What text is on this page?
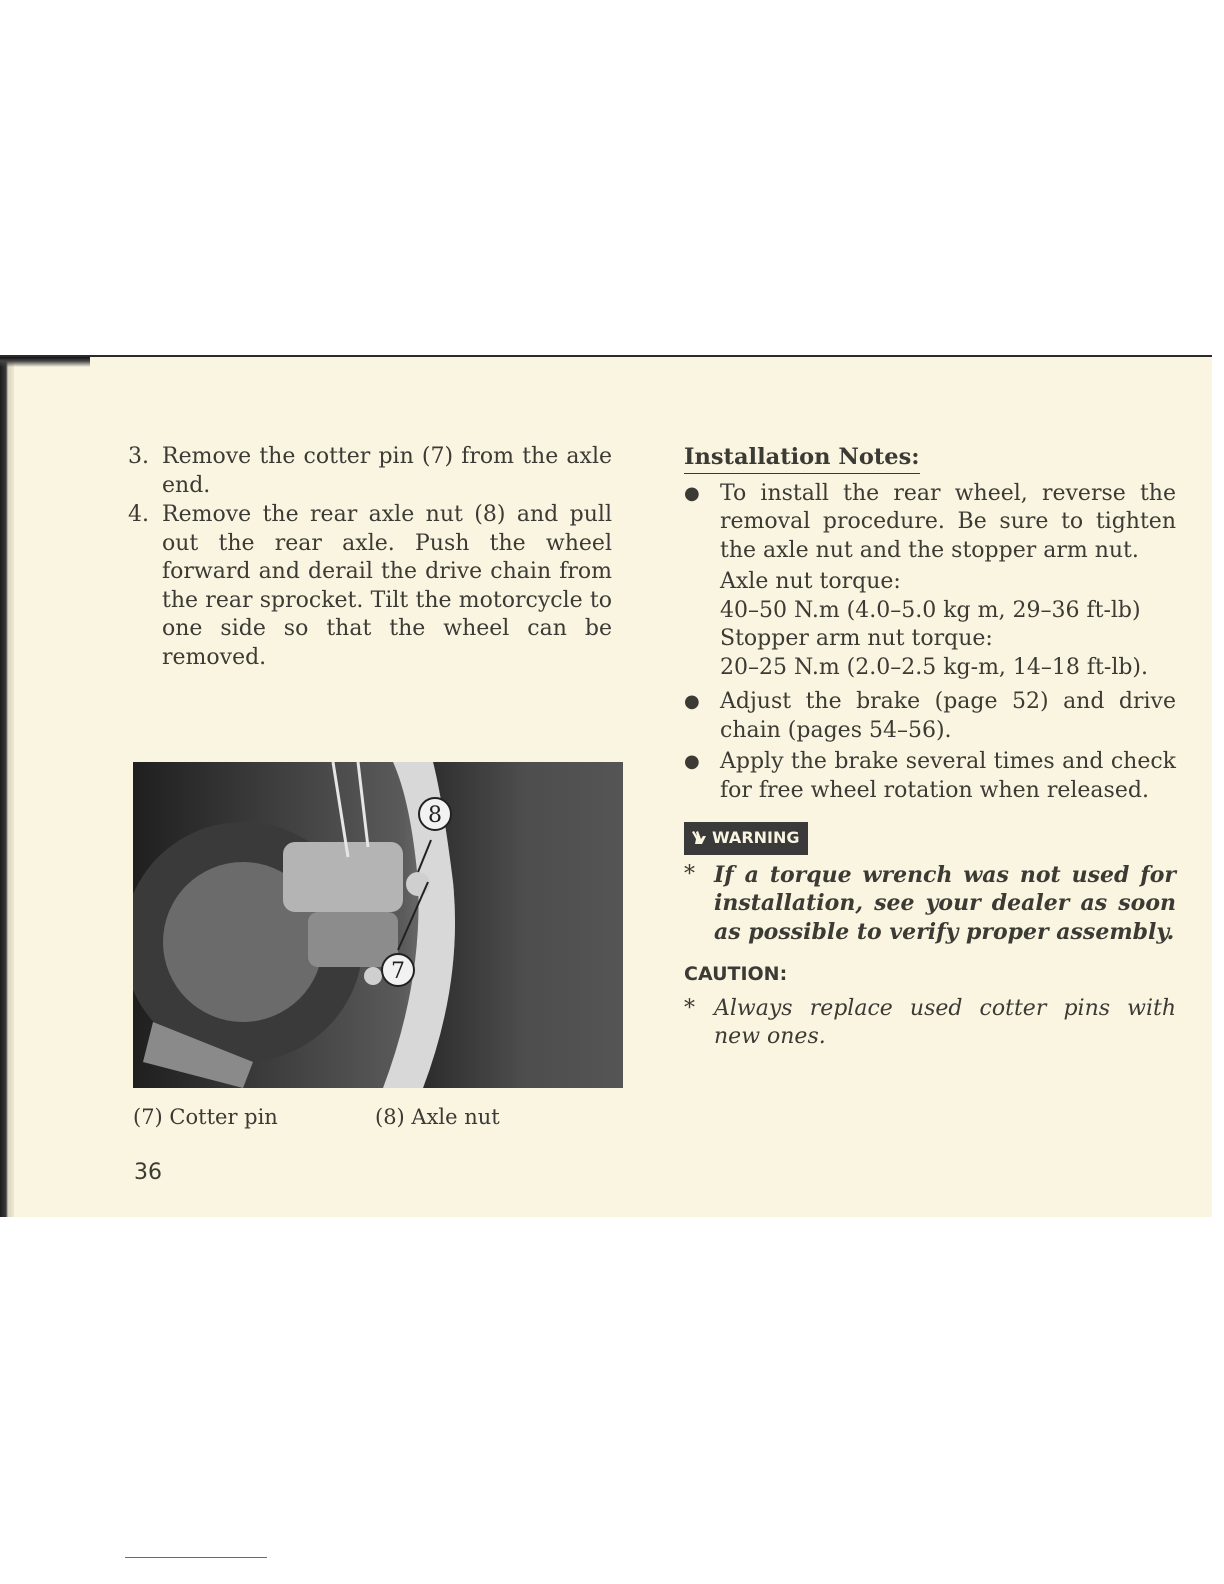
3. Remove the cotter pin (7) from the axle end.
4. Remove the rear axle nut (8) and pull out the rear axle. Push the wheel forward and derail the drive chain from the rear sprocket. Tilt the motorcycle to one side so that the wheel can be removed.
8
7
(7) Cotter pin	(8) Axle nut
36
Installation Notes:
● To install the rear wheel, reverse the removal procedure. Be sure to tighten the axle nut and the stopper arm nut.
Axle nut torque:
40–50 N.m (4.0–5.0 kg m, 29–36 ft-lb)
Stopper arm nut torque:
20–25 N.m (2.0–2.5 kg-m, 14–18 ft-lb).
● Adjust the brake (page 52) and drive chain (pages 54–56).
● Apply the brake several times and check for free wheel rotation when released.
WARNING
* If a torque wrench was not used for installation, see your dealer as soon as possible to verify proper assembly.
CAUTION:
* Always replace used cotter pins with new ones.
